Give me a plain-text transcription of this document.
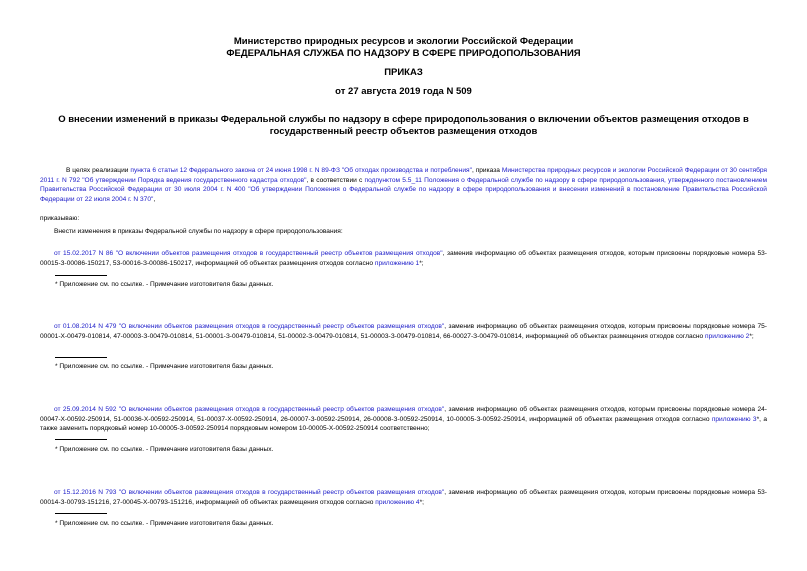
Министерство природных ресурсов и экологии Российской Федерации
ФЕДЕРАЛЬНАЯ СЛУЖБА ПО НАДЗОРУ В СФЕРЕ ПРИРОДОПОЛЬЗОВАНИЯ
ПРИКАЗ
от 27 августа 2019 года N 509
О внесении изменений в приказы Федеральной службы по надзору в сфере природопользования о включении объектов размещения отходов в государственный реестр объектов размещения отходов
В целях реализации пункта 6 статьи 12 Федерального закона от 24 июня 1998 г. N 89-ФЗ "Об отходах производства и потребления", приказа Министерства природных ресурсов и экологии Российской Федерации от 30 сентября 2011 г. N 792 "Об утверждении Порядка ведения государственного кадастра отходов", в соответствии с подпунктом 5.5_11 Положения о Федеральной службе по надзору в сфере природопользования, утвержденного постановлением Правительства Российской Федерации от 30 июля 2004 г. N 400 "Об утверждении Положения о Федеральной службе по надзору в сфере природопользования и внесении изменений в постановление Правительства Российской Федерации от 22 июля 2004 г. N 370",
приказываю:
Внести изменения в приказы Федеральной службы по надзору в сфере природопользования:
от 15.02.2017 N 86 "О включении объектов размещения отходов в государственный реестр объектов размещения отходов", заменив информацию об объектах размещения отходов, которым присвоены порядковые номера 53-00015-З-00086-150217, 53-00016-З-00086-150217, информацией об объектах размещения отходов согласно приложению 1*;
* Приложение см. по ссылке. - Примечание изготовителя базы данных.
от 01.08.2014 N 479 "О включении объектов размещения отходов в государственный реестр объектов размещения отходов", заменив информацию об объектах размещения отходов, которым присвоены порядковые номера 75-00001-Х-00479-010814, 47-00003-З-00479-010814, 51-00001-З-00479-010814, 51-00002-З-00479-010814, 51-00003-З-00479-010814, 66-00027-З-00479-010814, информацией об объектах размещения отходов согласно приложению 2*;
* Приложение см. по ссылке. - Примечание изготовителя базы данных.
от 25.09.2014 N 592 "О включении объектов размещения отходов в государственный реестр объектов размещения отходов", заменив информацию об объектах размещения отходов, которым присвоены порядковые номера 24-00047-Х-00592-250914, 51-00036-Х-00592-250914, 51-00037-Х-00592-250914, 26-00007-З-00592-250914, 26-00008-З-00592-250914, 10-00005-З-00592-250914, информацией об объектах размещения отходов согласно приложению 3*, а также заменить порядковый номер 10-00005-З-00592-250914 порядковым номером 10-00005-Х-00592-250914 соответственно;
* Приложение см. по ссылке. - Примечание изготовителя базы данных.
от 15.12.2016 N 793 "О включении объектов размещения отходов в государственный реестр объектов размещения отходов", заменив информацию об объектах размещения отходов, которым присвоены порядковые номера 53-00014-З-00793-151216, 27-00045-Х-00793-151216, информацией об объектах размещения отходов согласно приложению 4*;
* Приложение см. по ссылке. - Примечание изготовителя базы данных.
